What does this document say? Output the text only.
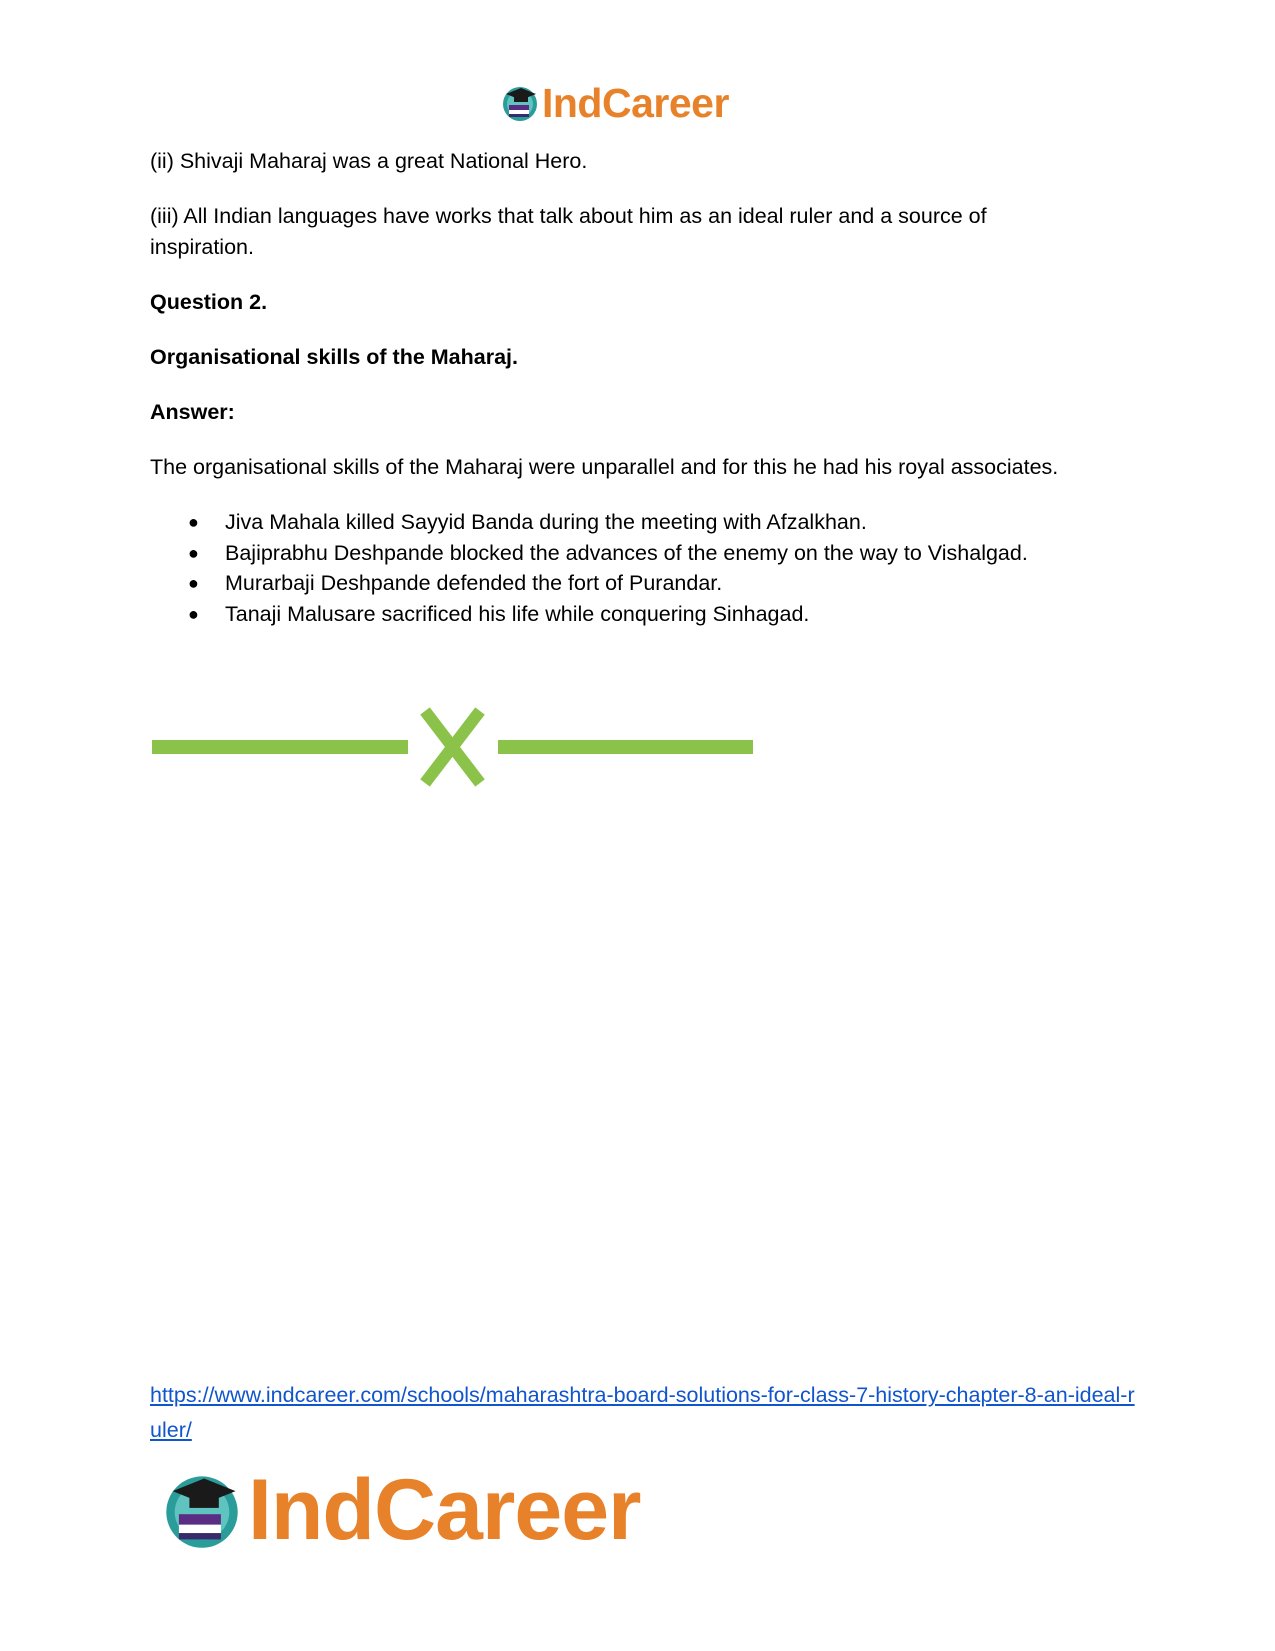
IndCareer

(ii) Shivaji Maharaj was a great National Hero.

(iii) All Indian languages have works that talk about him as an ideal ruler and a source of inspiration.

Question 2.

Organisational skills of the Maharaj.

Answer:

The organisational skills of the Maharaj were unparallel and for this he had his royal associates.

● Jiva Mahala killed Sayyid Banda during the meeting with Afzalkhan.
● Bajiprabhu Deshpande blocked the advances of the enemy on the way to Vishalgad.
● Murarbaji Deshpande defended the fort of Purandar.
● Tanaji Malusare sacrificed his life while conquering Sinhagad.
https://www.indcareer.com/schools/maharashtra-board-solutions-for-class-7-history-chapter-8-an-ideal-ruler/
IndCareer
